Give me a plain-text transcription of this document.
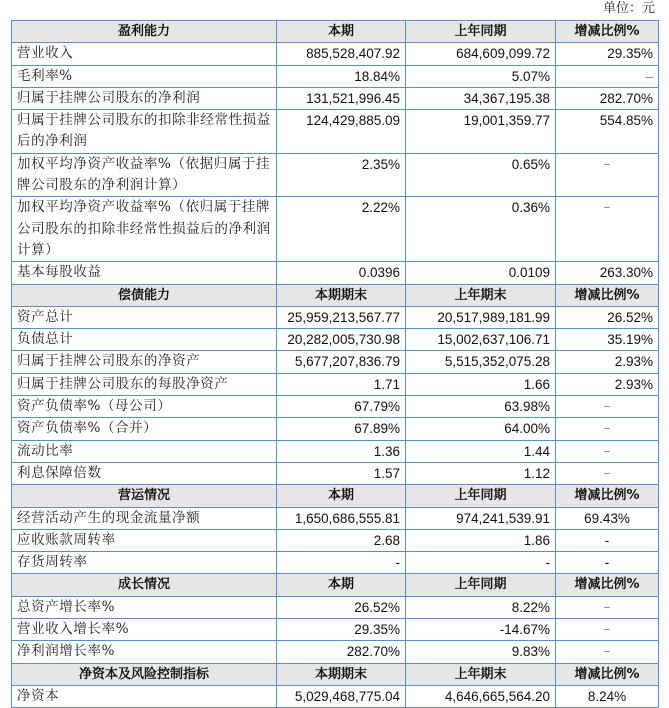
单位：元
盈利能力	本期	上年同期	增减比例%
营业收入	885,528,407.92	684,609,099.72	29.35%
毛利率%	18.84%	5.07%	–
归属于挂牌公司股东的净利润	131,521,996.45	34,367,195.38	282.70%
归属于挂牌公司股东的扣除非经常性损益后的净利润	124,429,885.09	19,001,359.77	554.85%
加权平均净资产收益率%（依据归属于挂牌公司股东的净利润计算）	2.35%	0.65%	–
加权平均净资产收益率%（依归属于挂牌公司股东的扣除非经常性损益后的净利润计算）	2.22%	0.36%	–
基本每股收益	0.0396	0.0109	263.30%
偿债能力	本期期末	上年期末	增减比例%
资产总计	25,959,213,567.77	20,517,989,181.99	26.52%
负债总计	20,282,005,730.98	15,002,637,106.71	35.19%
归属于挂牌公司股东的净资产	5,677,207,836.79	5,515,352,075.28	2.93%
归属于挂牌公司股东的每股净资产	1.71	1.66	2.93%
资产负债率%（母公司）	67.79%	63.98%	–
资产负债率%（合并）	67.89%	64.00%	–
流动比率	1.36	1.44	–
利息保障倍数	1.57	1.12	–
营运情况	本期	上年同期	增减比例%
经营活动产生的现金流量净额	1,650,686,555.81	974,241,539.91	69.43%
应收账款周转率	2.68	1.86	-
存货周转率	-	-	-
成长情况	本期	上年同期	增减比例%
总资产增长率%	26.52%	8.22%	–
营业收入增长率%	29.35%	-14.67%	–
净利润增长率%	282.70%	9.83%	–
净资本及风险控制指标	本期期末	上年期末	增减比例%
净资本	5,029,468,775.04	4,646,665,564.20	8.24%
